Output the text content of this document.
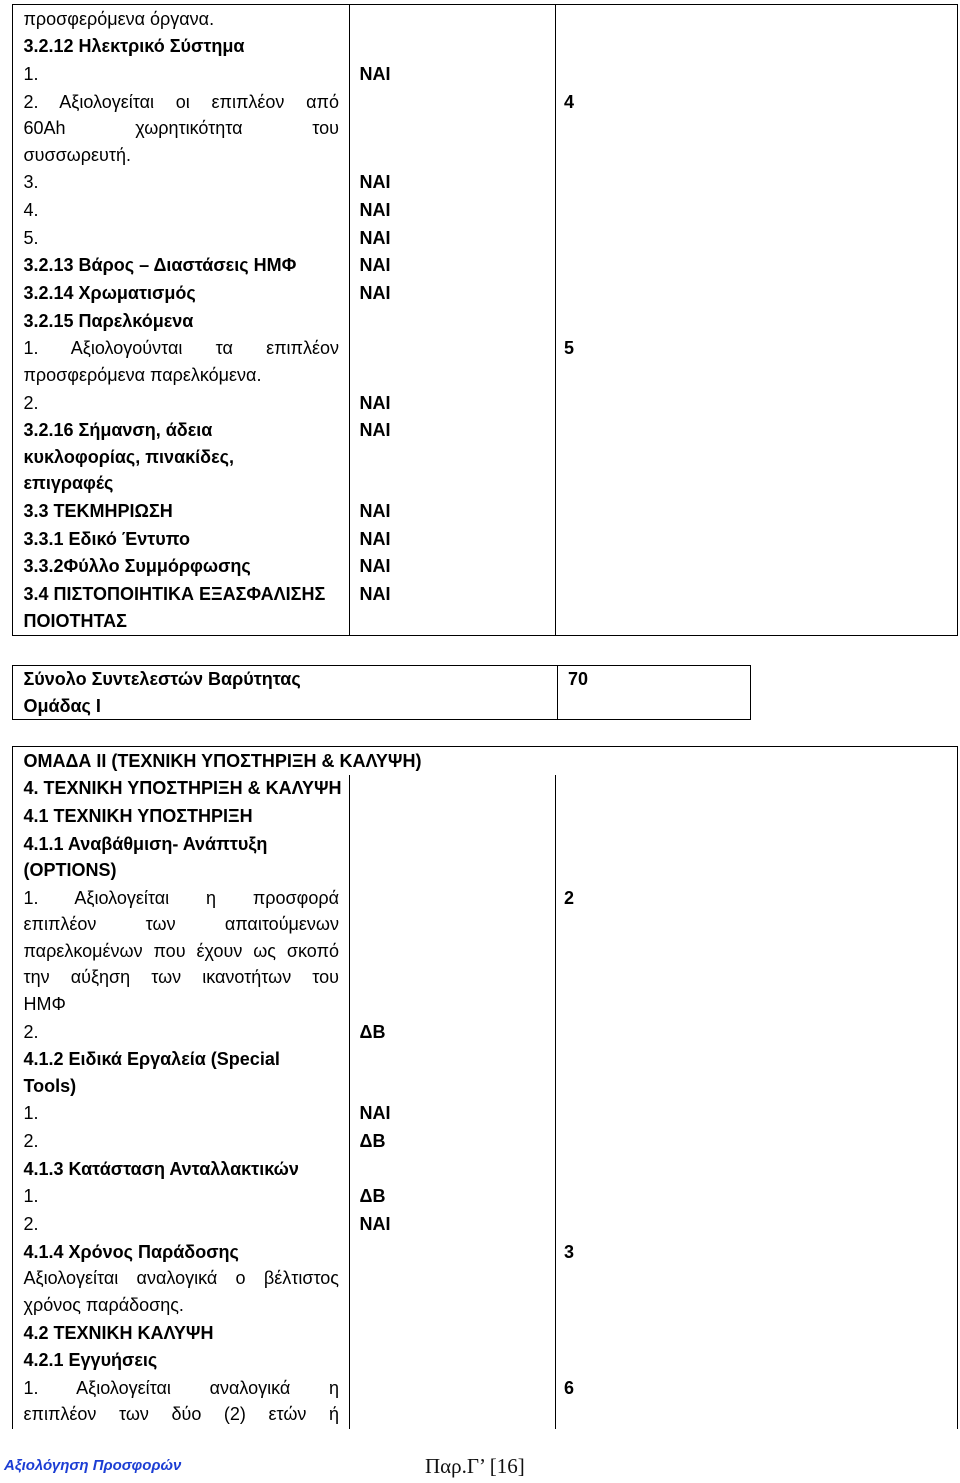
προσφερόμενα όργανα.		

3.2.12 Ηλεκτρικό Σύστημα		

1.	ΝΑΙ	

2. Αξιολογείται οι επιπλέον από
60Ah χωρητικότητα του
συσσωρευτή.		4

3.	ΝΑΙ	

4.	ΝΑΙ	

5.	ΝΑΙ	

3.2.13 Βάρος – Διαστάσεις ΗΜΦ	ΝΑΙ	

3.2.14 Χρωματισμός	ΝΑΙ	

3.2.15 Παρελκόμενα		

1. Αξιολογούνται τα επιπλέον
προσφερόμενα παρελκόμενα.		5

2.	ΝΑΙ	

3.2.16 Σήμανση, άδεια
κυκλοφορίας, πινακίδες,
επιγραφές	ΝΑΙ	

3.3 ΤΕΚΜΗΡΙΩΣΗ	ΝΑΙ	

3.3.1 Εδικό Έντυπο	ΝΑΙ	

3.3.2Φύλλο Συμμόρφωσης	ΝΑΙ	

3.4 ΠΙΣΤΟΠΟΙΗΤΙΚΑ ΕΞΑΣΦΑΛΙΣΗΣ
ΠΟΙΟΤΗΤΑΣ	ΝΑΙ	
Σύνολο Συντελεστών Βαρύτητας
Ομάδας Ι
	70
ΟΜΑΔΑ ΙΙ (ΤΕΧΝΙΚΗ ΥΠΟΣΤΗΡΙΞΗ & ΚΑΛΥΨΗ)		

4. ΤΕΧΝΙΚΗ ΥΠΟΣΤΗΡΙΞΗ & ΚΑΛΥΨΗ		

4.1 ΤΕΧΝΙΚΗ ΥΠΟΣΤΗΡΙΞΗ		

4.1.1 Αναβάθμιση- Ανάπτυξη
(OPTIONS)		

1. Αξιολογείται η προσφορά
επιπλέον των απαιτούμενων
παρελκομένων που έχουν ως σκοπό
την αύξηση των ικανοτήτων του
ΗΜΦ		2

2.	ΔΒ	

4.1.2 Ειδικά Εργαλεία (Special
Tools)		

1.	ΝΑΙ	

2.	ΔΒ	

4.1.3 Κατάσταση Ανταλλακτικών		

1.	ΔΒ	

2.	ΝΑΙ	

4.1.4 Χρόνος Παράδοσης
Αξιολογείται αναλογικά ο βέλτιστος
χρόνος παράδοσης.		3

4.2 ΤΕΧΝΙΚΗ ΚΑΛΥΨΗ		

4.2.1 Εγγυήσεις		

1. Αξιολογείται αναλογικά η
επιπλέον των δύο (2) ετών ή		6
Αξιολόγηση Προσφορών	Παρ.Γ’ [16]
